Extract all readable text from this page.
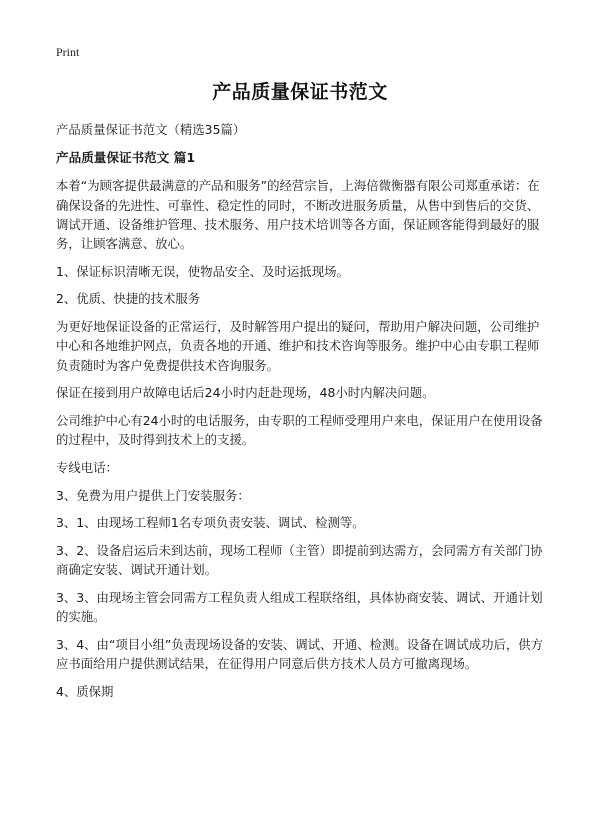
Print
产品质量保证书范文

产品质量保证书范文（精选35篇）

产品质量保证书范文 篇1

本着“为顾客提供最满意的产品和服务”的经营宗旨，上海倍微衡器有限公司郑重承诺：在确保设备的先进性、可靠性、稳定性的同时，不断改进服务质量，从售中到售后的交货、调试开通、设备维护管理、技术服务、用户技术培训等各方面，保证顾客能得到最好的服务，让顾客满意、放心。

1、保证标识清晰无误，使物品安全、及时运抵现场。

2、优质、快捷的技术服务

为更好地保证设备的正常运行，及时解答用户提出的疑问，帮助用户解决问题，公司维护中心和各地维护网点，负责各地的开通、维护和技术咨询等服务。维护中心由专职工程师负责随时为客户免费提供技术咨询服务。

保证在接到用户故障电话后24小时内赶赴现场，48小时内解决问题。

公司维护中心有24小时的电话服务，由专职的工程师受理用户来电，保证用户在使用设备的过程中，及时得到技术上的支援。

专线电话：

3、免费为用户提供上门安装服务：

3、1、由现场工程师1名专项负责安装、调试、检测等。

3、2、设备启运后未到达前，现场工程师（主管）即提前到达需方，会同需方有关部门协商确定安装、调试开通计划。

3、3、由现场主管会同需方工程负责人组成工程联络组，具体协商安装、调试、开通计划的实施。

3、4、由“项目小组”负责现场设备的安装、调试、开通、检测。设备在调试成功后，供方应书面给用户提供测试结果，在征得用户同意后供方技术人员方可撤离现场。

4、质保期
